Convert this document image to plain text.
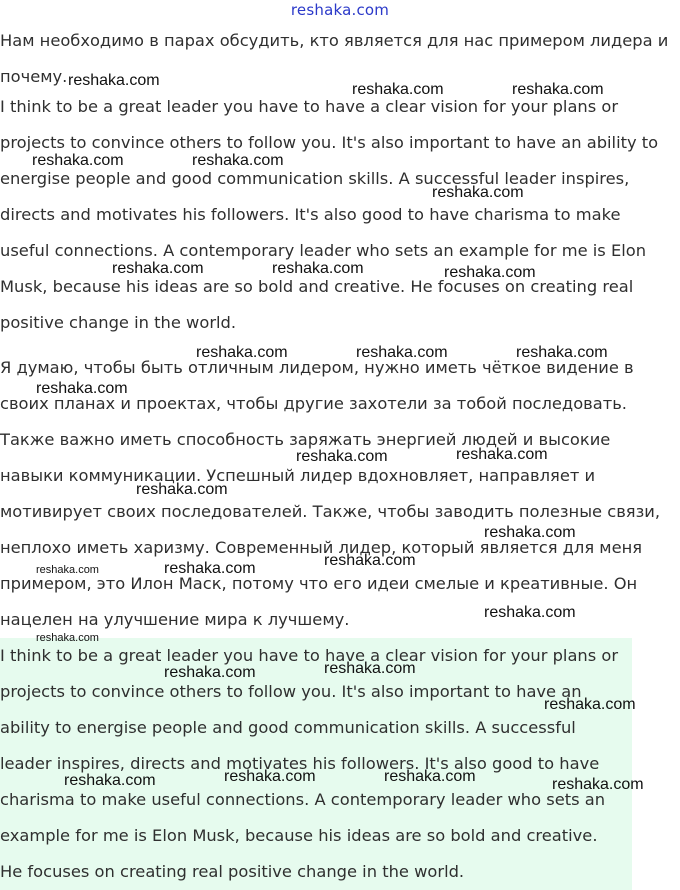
reshaka.com

Нам необходимо в парах обсудить, кто является для нас примером лидера и почему.

I think to be a great leader you have to have a clear vision for your plans or projects to convince others to follow you. It's also important to have an ability to energise people and good communication skills. A successful leader inspires, directs and motivates his followers. It's also good to have charisma to make useful connections. A contemporary leader who sets an example for me is Elon Musk, because his ideas are so bold and creative. He focuses on creating real positive change in the world.

Я думаю, чтобы быть отличным лидером, нужно иметь чёткое видение в своих планах и проектах, чтобы другие захотели за тобой последовать. Также важно иметь способность заряжать энергией людей и высокие навыки коммуникации. Успешный лидер вдохновляет, направляет и мотивирует своих последователей. Также, чтобы заводить полезные связи, неплохо иметь харизму. Современный лидер, который является для меня примером, это Илон Маск, потому что его идеи смелые и креативные. Он нацелен на улучшение мира к лучшему.

I think to be a great leader you have to have a clear vision for your plans or projects to convince others to follow you. It's also important to have an ability to energise people and good communication skills. A successful leader inspires, directs and motivates his followers. It's also good to have charisma to make useful connections. A contemporary leader who sets an example for me is Elon Musk, because his ideas are so bold and creative. He focuses on creating real positive change in the world.

reshaka.com
reshaka.com	reshaka.com
reshaka.com	reshaka.com
reshaka.com
reshaka.com	reshaka.com	reshaka.com
reshaka.com	reshaka.com	reshaka.com
reshaka.com
reshaka.com	reshaka.com
reshaka.com
reshaka.com
reshaka.com	reshaka.com	reshaka.com
reshaka.com
reshaka.com
reshaka.com	reshaka.com
reshaka.com
reshaka.com	reshaka.com	reshaka.com	reshaka.com
